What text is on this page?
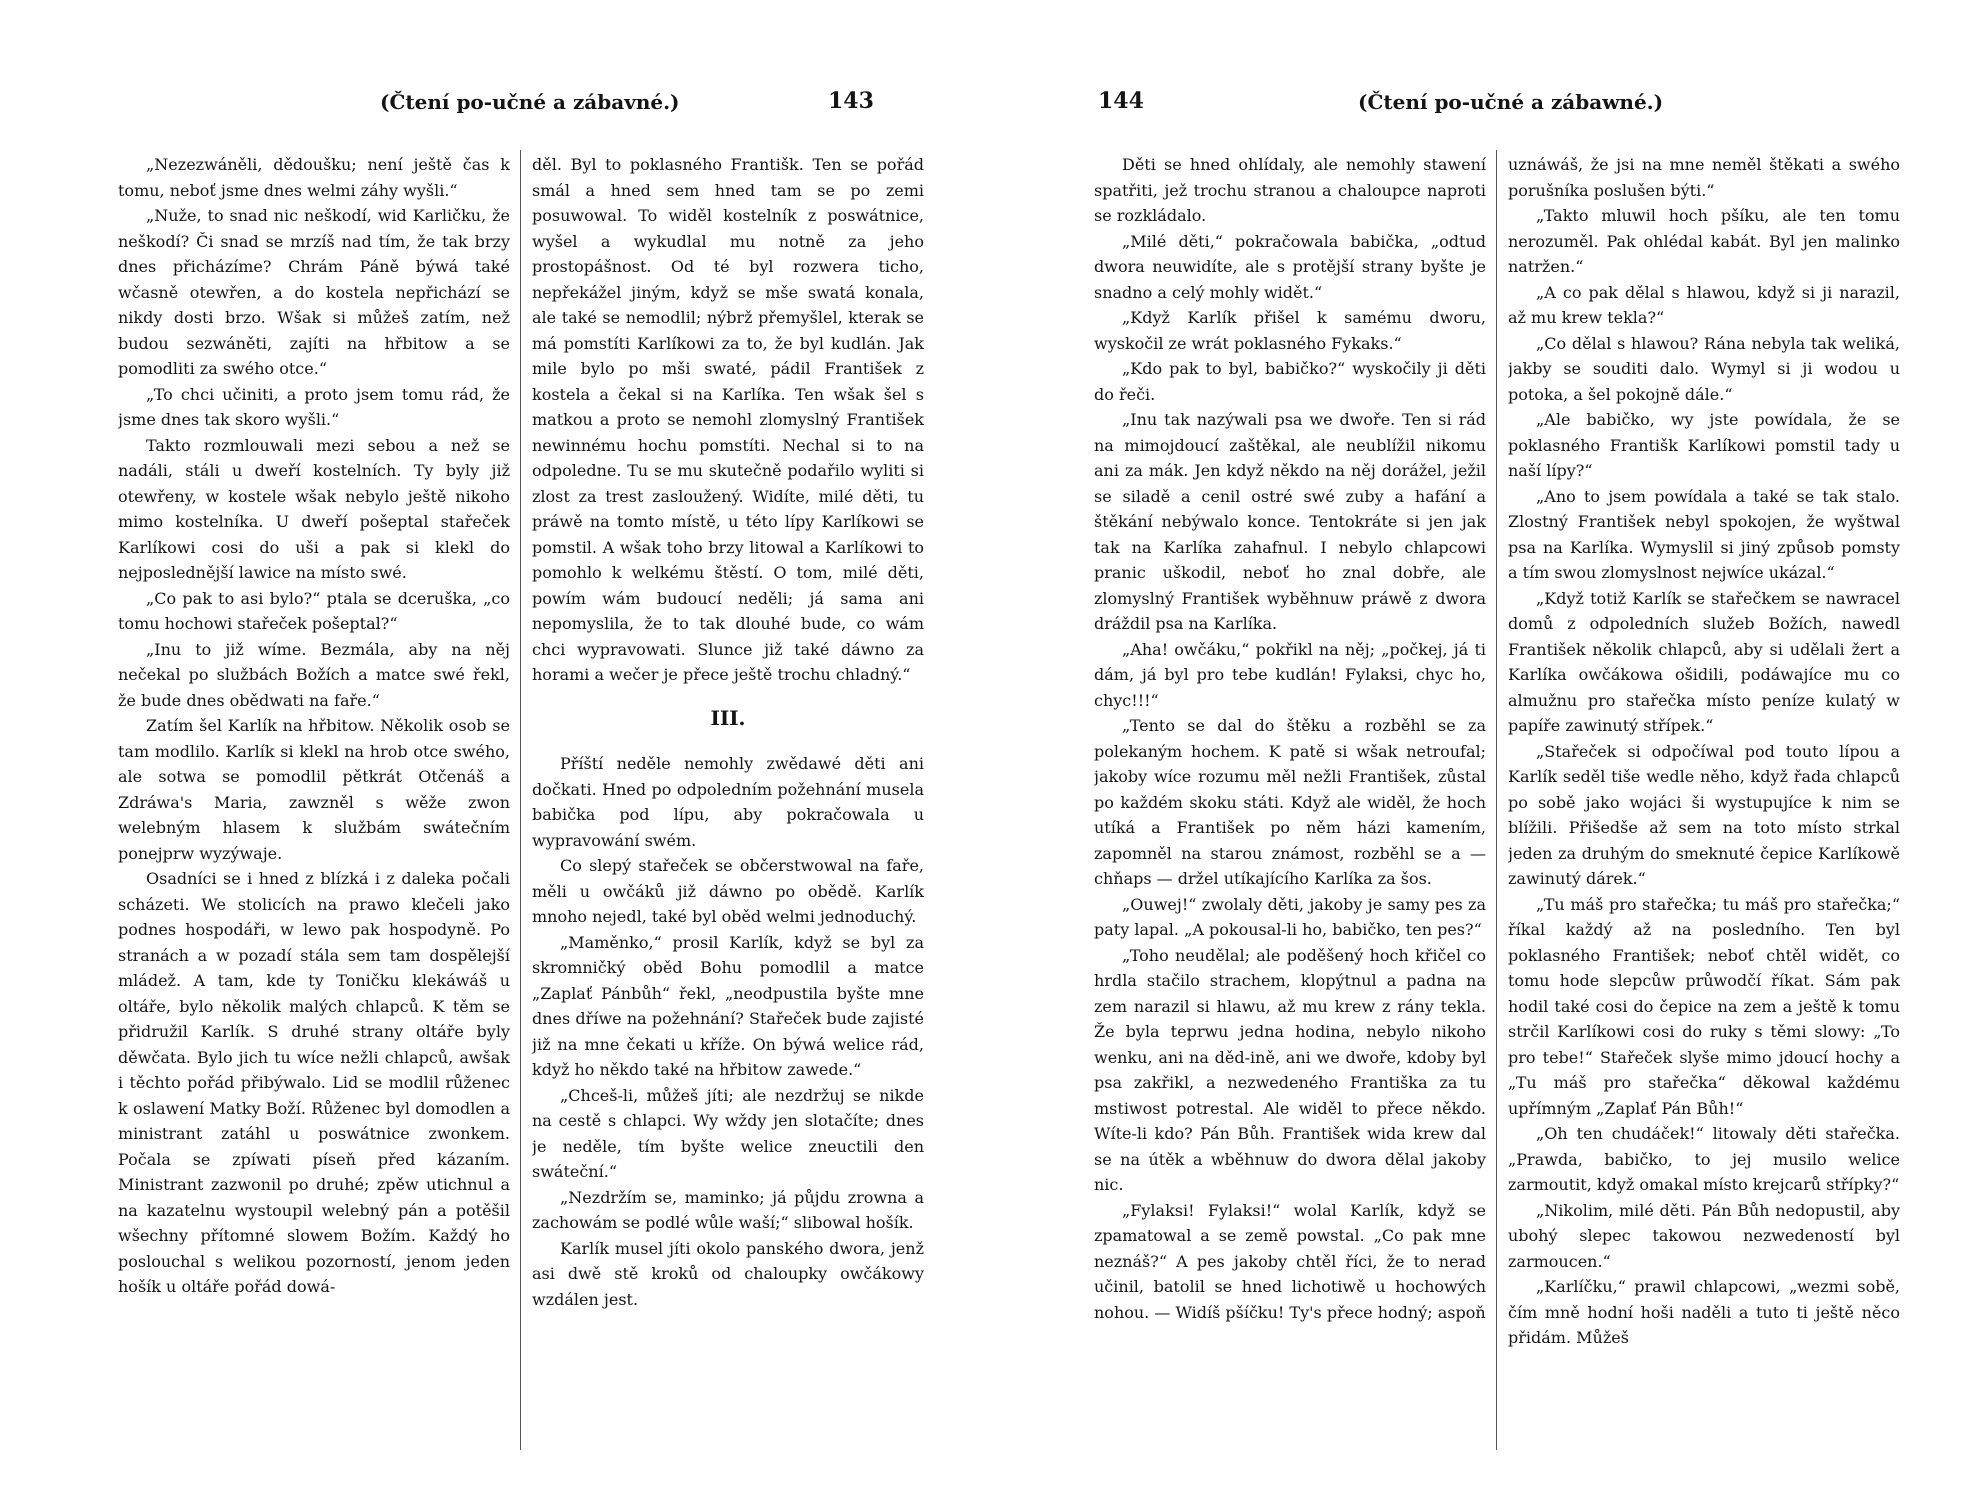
(Čtení po-učné a zábavné.)	143

„Nezezwáněli, dědoušku; není ještě čas k tomu, neboť jsme dnes welmi záhy wyšli.“

„Nuže, to snad nic neškodí, wid Karličku, že neškodí? Či snad se mrzíš nad tím, že tak brzy dnes přicházíme? Chrám Páně býwá také wčasně otewřen, a do kostela nepřichází se nikdy dosti brzo. Wšak si můžeš zatím, než budou sezwáněti, zajíti na hřbitow a se pomodliti za swého otce.“

„To chci učiniti, a proto jsem tomu rád, že jsme dnes tak skoro wyšli.“

Takto rozmlouwali mezi sebou a než se nadáli, stáli u dweří kostelních. Ty byly již otewřeny, w kostele wšak nebylo ještě nikoho mimo kostelníka. U dweří pošeptal stařeček Karlíkowi cosi do uši a pak si klekl do nejposlednější lawice na místo swé.

„Co pak to asi bylo?“ ptala se dceruška, „co tomu hochowi stařeček pošeptal?“

„Inu to již wíme. Bezmála, aby na něj nečekal po službách Božích a matce swé řekl, že bude dnes obědwati na faře.“

Zatím šel Karlík na hřbitow. Několik osob se tam modlilo. Karlík si klekl na hrob otce swého, ale sotwa se pomodlil pětkrát Otčenáš a Zdráwa's Maria, zawzněl s wěže zwon welebným hlasem k službám swátečním ponejprw wyzýwaje.

Osadníci se i hned z blízká i z daleka počali scházeti. We stolicích na prawo klečeli jako podnes hospodáři, w lewo pak hospodyně. Po stranách a w pozadí stála sem tam dospělejší mládež. A tam, kde ty Toničku klekáwáš u oltáře, bylo několik malých chlapců. K těm se přidružil Karlík. S druhé strany oltáře byly děwčata. Bylo jich tu wíce nežli chlapců, awšak i těchto pořád přibýwalo. Lid se modlil růženec k oslawení Matky Boží. Růženec byl domodlen a ministrant zatáhl u poswátnice zwonkem. Počala se zpíwati píseň před kázaním. Ministrant zazwonil po druhé; zpěw utichnul a na kazatelnu wystoupil welebný pán a potěšil wšechny přítomné slowem Božím. Každý ho poslouchal s welikou pozorností, jenom jeden hošík u oltáře pořád dowá-

děl. Byl to poklasného Františk. Ten se pořád smál a hned sem hned tam se po zemi posuwowal. To widěl kostelník z poswátnice, wyšel a wykudlal mu notně za jeho prostopášnost. Od té byl rozwera ticho, nepřekážel jiným, když se mše swatá konala, ale také se nemodlil; nýbrž přemyšlel, kterak se má pomstíti Karlíkowi za to, že byl kudlán. Jak mile bylo po mši swaté, pádil František z kostela a čekal si na Karlíka. Ten wšak šel s matkou a proto se nemohl zlomyslný František newinnému hochu pomstíti. Nechal si to na odpoledne. Tu se mu skutečně podařilo wyliti si zlost za trest zasloužený. Widíte, milé děti, tu práwě na tomto místě, u této lípy Karlíkowi se pomstil. A wšak toho brzy litowal a Karlíkowi to pomohlo k welkému štěstí. O tom, milé děti, powím wám budoucí neděli; já sama ani nepomyslila, že to tak dlouhé bude, co wám chci wypravowati. Slunce již také dáwno za horami a wečer je přece ještě trochu chladný.“

III.

Příští neděle nemohly zwědawé děti ani dočkati. Hned po odpoledním požehnání musela babička pod lípu, aby pokračowala u wypravowání swém.

Co slepý stařeček se občerstwowal na faře, měli u owčáků již dáwno po obědě. Karlík mnoho nejedl, také byl oběd welmi jednoduchý.

„Maměnko,“ prosil Karlík, když se byl za skromničký oběd Bohu pomodlil a matce „Zaplať Pánbůh“ řekl, „neodpustila byšte mne dnes dříwe na požehnání? Stařeček bude zajisté již na mne čekati u kříže. On býwá welice rád, když ho někdo také na hřbitow zawede.“

„Chceš-li, můžeš jíti; ale nezdržuj se nikde na cestě s chlapci. Wy wždy jen slotačíte; dnes je neděle, tím byšte welice zneuctili den swáteční.“

„Nezdržím se, maminko; já půjdu zrowna a zachowám se podlé wůle waší;“ slibowal hošík.

Karlík musel jíti okolo panského dwora, jenž asi dwě stě kroků od chaloupky owčákowy wzdálen jest.

144	(Čtení po-učné a zábawné.)

Děti se hned ohlídaly, ale nemohly stawení spatřiti, jež trochu stranou a chaloupce naproti se rozkládalo.

„Milé děti,“ pokračowala babička, „odtud dwora neuwidíte, ale s protější strany byšte je snadno a celý mohly widět.“

„Když Karlík přišel k samému dworu, wyskočil ze wrát poklasného Fykaks.“

„Kdo pak to byl, babičko?“ wyskočily ji děti do řeči.

„Inu tak nazýwali psa we dwoře. Ten si rád na mimojdoucí zaštěkal, ale neublížil nikomu ani za mák. Jen když někdo na něj dorážel, ježil se siladě a cenil ostré swé zuby a hafání a štěkání nebýwalo konce. Tentokráte si jen jak tak na Karlíka zahafnul. I nebylo chlapcowi pranic uškodil, neboť ho znal dobře, ale zlomyslný František wyběhnuw práwě z dwora dráždil psa na Karlíka.

„Aha! owčáku,“ pokřikl na něj; „počkej, já ti dám, já byl pro tebe kudlán! Fylaksi, chyc ho, chyc!!!“

„Tento se dal do štěku a rozběhl se za polekaným hochem. K patě si wšak netroufal; jakoby wíce rozumu měl nežli František, zůstal po každém skoku státi. Když ale widěl, že hoch utíká a František po něm házi kamením, zapomněl na starou známost, rozběhl se a — chňaps — držel utíkajícího Karlíka za šos.

„Ouwej!“ zwolaly děti, jakoby je samy pes za paty lapal. „A pokousal-li ho, babičko, ten pes?“

„Toho neudělal; ale poděšený hoch křičel co hrdla stačilo strachem, klopýtnul a padna na zem narazil si hlawu, až mu krew z rány tekla. Že byla teprwu jedna hodina, nebylo nikoho wenku, ani na děd-ině, ani we dwoře, kdoby byl psa zakřikl, a nezwedeného Františka za tu mstiwost potrestal. Ale widěl to přece někdo. Wíte-li kdo? Pán Bůh. František wida krew dal se na útěk a wběhnuw do dwora dělal jakoby nic.

„Fylaksi! Fylaksi!“ wolal Karlík, když se zpamatowal a se země powstal. „Co pak mne neznáš?“ A pes jakoby chtěl říci, že to nerad učinil, batolil se hned lichotiwě u hochowých nohou. — Widíš pšíčku! Ty's přece hodný; aspoň

uznáwáš, že jsi na mne neměl štěkati a swého porušníka poslušen býti.“

„Takto mluwil hoch pšíku, ale ten tomu nerozuměl. Pak ohlédal kabát. Byl jen malinko natržen.“

„A co pak dělal s hlawou, když si ji narazil, až mu krew tekla?“

„Co dělal s hlawou? Rána nebyla tak weliká, jakby se souditi dalo. Wymyl si ji wodou u potoka, a šel pokojně dále.“

„Ale babičko, wy jste powídala, že se poklasného Františk Karlíkowi pomstil tady u naší lípy?“

„Ano to jsem powídala a také se tak stalo. Zlostný František nebyl spokojen, že wyštwal psa na Karlíka. Wymyslil si jiný způsob pomsty a tím swou zlomyslnost nejwíce ukázal.“

„Když totiž Karlík se stařečkem se nawracel domů z odpoledních služeb Božích, nawedl František několik chlapců, aby si udělali žert a Karlíka owčákowa ošidili, podáwajíce mu co almužnu pro stařečka místo peníze kulatý w papíře zawinutý střípek.“

„Stařeček si odpočíwal pod touto lípou a Karlík seděl tiše wedle něho, když řada chlapců po sobě jako wojáci ši wystupujíce k nim se blížili. Přišedše až sem na toto místo strkal jeden za druhým do smeknuté čepice Karlíkowě zawinutý dárek.“

„Tu máš pro stařečka; tu máš pro stařečka;“ říkal každý až na posledního. Ten byl poklasného František; neboť chtěl widět, co tomu hode slepcůw průwodčí říkat. Sám pak hodil také cosi do čepice na zem a ještě k tomu strčil Karlíkowi cosi do ruky s těmi slowy: „To pro tebe!“ Stařeček slyše mimo jdoucí hochy a „Tu máš pro stařečka“ děkowal každému upřímným „Zaplať Pán Bůh!“

„Oh ten chudáček!“ litowaly děti stařečka. „Prawda, babičko, to jej musilo welice zarmoutit, když omakal místo krejcarů střípky?“

„Nikolim, milé děti. Pán Bůh nedopustil, aby ubohý slepec takowou nezwedeností byl zarmoucen.“

„Karlíčku,“ prawil chlapcowi, „wezmi sobě, čím mně hodní hoši naděli a tuto ti ještě něco přidám. Můžeš
